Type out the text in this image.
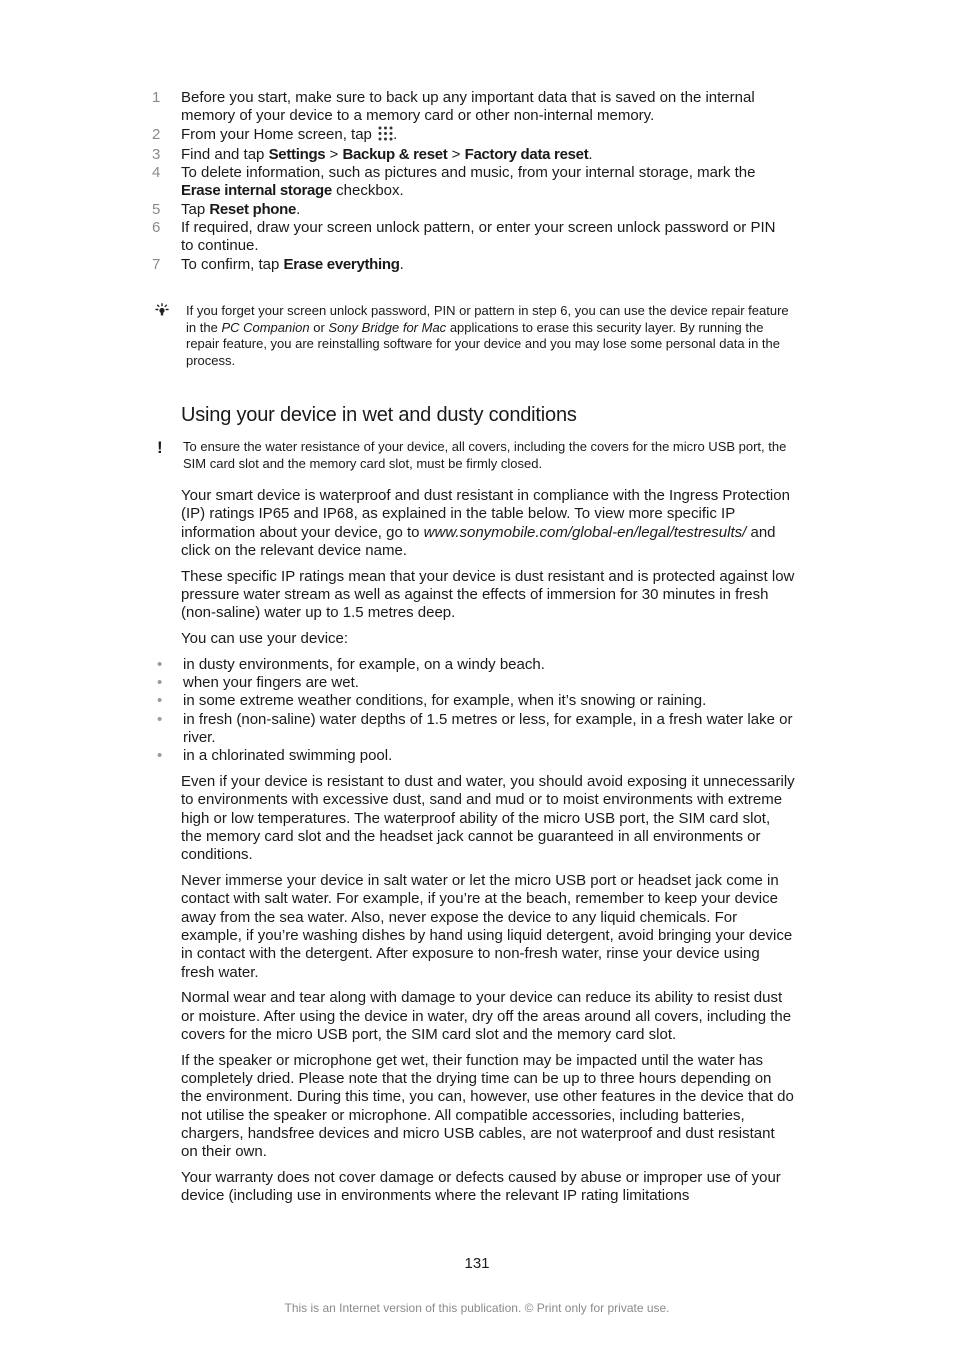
1	Before you start, make sure to back up any important data that is saved on the internal memory of your device to a memory card or other non-internal memory.
2	From your Home screen, tap .
3	Find and tap Settings > Backup & reset > Factory data reset.
4	To delete information, such as pictures and music, from your internal storage, mark the Erase internal storage checkbox.
5	Tap Reset phone.
6	If required, draw your screen unlock pattern, or enter your screen unlock password or PIN to continue.
7	To confirm, tap Erase everything.
If you forget your screen unlock password, PIN or pattern in step 6, you can use the device repair feature in the PC Companion or Sony Bridge for Mac applications to erase this security layer. By running the repair feature, you are reinstalling software for your device and you may lose some personal data in the process.
Using your device in wet and dusty conditions
!	To ensure the water resistance of your device, all covers, including the covers for the micro USB port, the SIM card slot and the memory card slot, must be firmly closed.

Your smart device is waterproof and dust resistant in compliance with the Ingress Protection (IP) ratings IP65 and IP68, as explained in the table below. To view more specific IP information about your device, go to www.sonymobile.com/global-en/legal/testresults/ and click on the relevant device name.

These specific IP ratings mean that your device is dust resistant and is protected against low pressure water stream as well as against the effects of immersion for 30 minutes in fresh (non-saline) water up to 1.5 metres deep.

You can use your device:

•	in dusty environments, for example, on a windy beach.
•	when your fingers are wet.
•	in some extreme weather conditions, for example, when it’s snowing or raining.
•	in fresh (non-saline) water depths of 1.5 metres or less, for example, in a fresh water lake or river.
•	in a chlorinated swimming pool.

Even if your device is resistant to dust and water, you should avoid exposing it unnecessarily to environments with excessive dust, sand and mud or to moist environments with extreme high or low temperatures. The waterproof ability of the micro USB port, the SIM card slot, the memory card slot and the headset jack cannot be guaranteed in all environments or conditions.

Never immerse your device in salt water or let the micro USB port or headset jack come in contact with salt water. For example, if you’re at the beach, remember to keep your device away from the sea water. Also, never expose the device to any liquid chemicals. For example, if you’re washing dishes by hand using liquid detergent, avoid bringing your device in contact with the detergent. After exposure to non-fresh water, rinse your device using fresh water.

Normal wear and tear along with damage to your device can reduce its ability to resist dust or moisture. After using the device in water, dry off the areas around all covers, including the covers for the micro USB port, the SIM card slot and the memory card slot.

If the speaker or microphone get wet, their function may be impacted until the water has completely dried. Please note that the drying time can be up to three hours depending on the environment. During this time, you can, however, use other features in the device that do not utilise the speaker or microphone. All compatible accessories, including batteries, chargers, handsfree devices and micro USB cables, are not waterproof and dust resistant on their own.

Your warranty does not cover damage or defects caused by abuse or improper use of your device (including use in environments where the relevant IP rating limitations

131
This is an Internet version of this publication. © Print only for private use.
